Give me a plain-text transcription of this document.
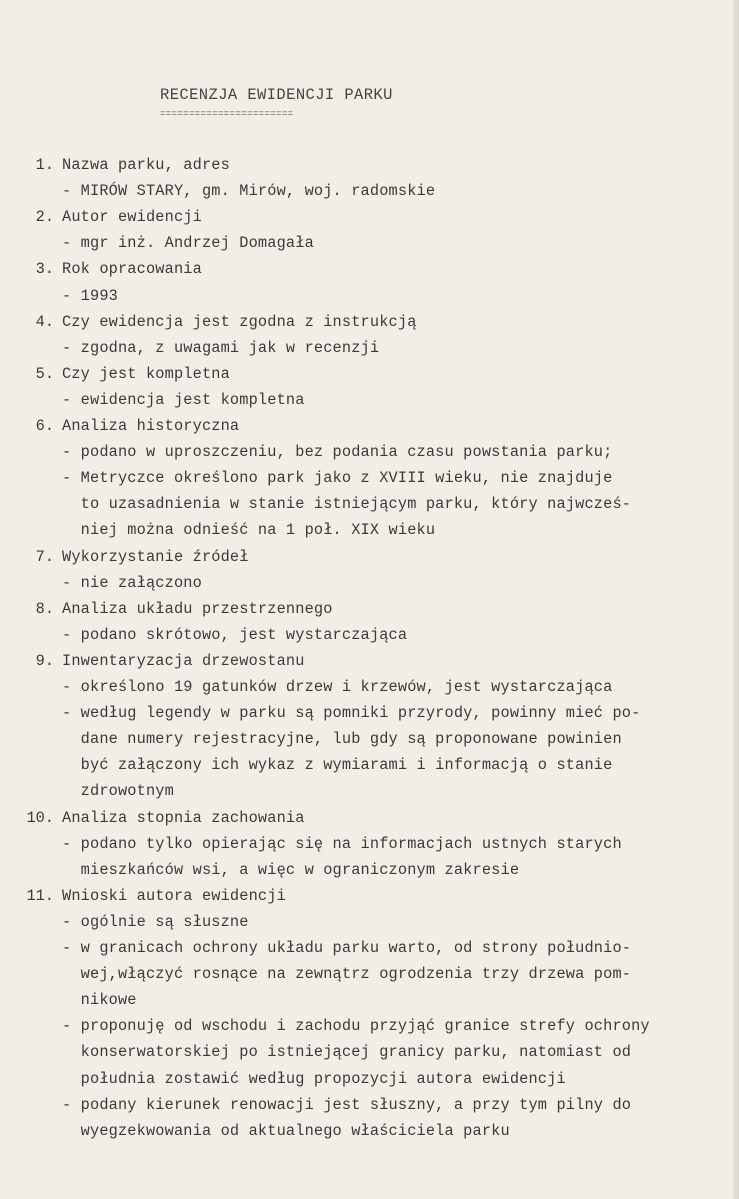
RECENZJA EWIDENCJI PARKU
=======================
1. Nazwa parku, adres
- MIRÓW STARY, gm. Mirów, woj. radomskie
2. Autor ewidencji
- mgr inż. Andrzej Domagała
3. Rok opracowania
- 1993
4. Czy ewidencja jest zgodna z instrukcją
- zgodna, z uwagami jak w recenzji
5. Czy jest kompletna
- ewidencja jest kompletna
6. Analiza historyczna
- podano w uproszczeniu, bez podania czasu powstania parku;
- Metryczce określono park jako z XVIII wieku, nie znajduje
to uzasadnienia w stanie istniejącym parku, który najwcześ-
niej można odnieść na 1 poł. XIX wieku
7. Wykorzystanie źródeł
- nie załączono
8. Analiza układu przestrzennego
- podano skrótowo, jest wystarczająca
9. Inwentaryzacja drzewostanu
- określono 19 gatunków drzew i krzewów, jest wystarczająca
- według legendy w parku są pomniki przyrody, powinny mieć po-
dane numery rejestracyjne, lub gdy są proponowane powinien
być załączony ich wykaz z wymiarami i informacją o stanie
zdrowotnym
10. Analiza stopnia zachowania
- podano tylko opierając się na informacjach ustnych starych
mieszkańców wsi, a więc w ograniczonym zakresie
11. Wnioski autora ewidencji
- ogólnie są słuszne
- w granicach ochrony układu parku warto, od strony południo-
wej,włączyć rosnące na zewnątrz ogrodzenia trzy drzewa pom-
nikowe
- proponuję od wschodu i zachodu przyjąć granice strefy ochrony
konserwatorskiej po istniejącej granicy parku, natomiast od
południa zostawić według propozycji autora ewidencji
- podany kierunek renowacji jest słuszny, a przy tym pilny do
wyegzekwowania od aktualnego właściciela parku
